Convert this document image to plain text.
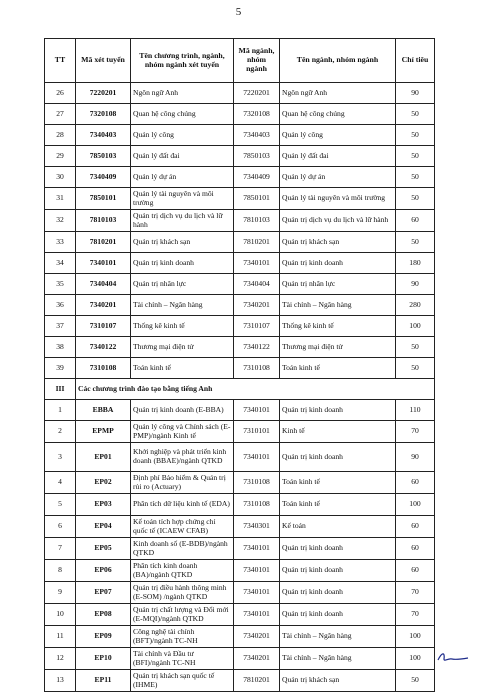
5
TT	Mã xét tuyển	Tên chương trình, ngành, nhóm ngành xét tuyển	Mã ngành, nhóm ngành	Tên ngành, nhóm ngành	Chỉ tiêu
26	7220201	Ngôn ngữ Anh	7220201	Ngôn ngữ Anh	90
27	7320108	Quan hệ công chúng	7320108	Quan hệ công chúng	50
28	7340403	Quản lý công	7340403	Quản lý công	50
29	7850103	Quản lý đất đai	7850103	Quản lý đất đai	50
30	7340409	Quản lý dự án	7340409	Quản lý dự án	50
31	7850101	Quản lý tài nguyên và môi trường	7850101	Quản lý tài nguyên và môi trường	50
32	7810103	Quản trị dịch vụ du lịch và lữ hành	7810103	Quản trị dịch vụ du lịch và lữ hành	60
33	7810201	Quản trị khách sạn	7810201	Quản trị khách sạn	50
34	7340101	Quản trị kinh doanh	7340101	Quản trị kinh doanh	180
35	7340404	Quản trị nhân lực	7340404	Quản trị nhân lực	90
36	7340201	Tài chính – Ngân hàng	7340201	Tài chính – Ngân hàng	280
37	7310107	Thống kê kinh tế	7310107	Thống kê kinh tế	100
38	7340122	Thương mại điện tử	7340122	Thương mại điện tử	50
39	7310108	Toán kinh tế	7310108	Toán kinh tế	50
III	Các chương trình đào tạo bằng tiếng Anh				
1	EBBA	Quản trị kinh doanh (E-BBA)	7340101	Quản trị kinh doanh	110
2	EPMP	Quản lý công và Chính sách (E-PMP)/ngành Kinh tế	7310101	Kinh tế	70
3	EP01	Khởi nghiệp và phát triển kinh doanh (BBAE)/ngành QTKD	7340101	Quản trị kinh doanh	90
4	EP02	Định phí Bảo hiểm & Quản trị rủi ro (Actuary)	7310108	Toán kinh tế	60
5	EP03	Phân tích dữ liệu kinh tế (EDA)	7310108	Toán kinh tế	100
6	EP04	Kế toán tích hợp chứng chỉ quốc tế (ICAEW CFAB)	7340301	Kế toán	60
7	EP05	Kinh doanh số (E-BDB)/ngành QTKD	7340101	Quản trị kinh doanh	60
8	EP06	Phân tích kinh doanh (BA)/ngành QTKD	7340101	Quản trị kinh doanh	60
9	EP07	Quản trị điều hành thông minh (E-SOM) /ngành QTKD	7340101	Quản trị kinh doanh	70
10	EP08	Quản trị chất lượng và Đổi mới (E-MQI)/ngành QTKD	7340101	Quản trị kinh doanh	70
11	EP09	Công nghệ tài chính (BFT)/ngành TC-NH	7340201	Tài chính – Ngân hàng	100
12	EP10	Tài chính và Đầu tư (BFI)/ngành TC-NH	7340201	Tài chính – Ngân hàng	100
13	EP11	Quản trị khách sạn quốc tế (IHME)	7810201	Quản trị khách sạn	50
